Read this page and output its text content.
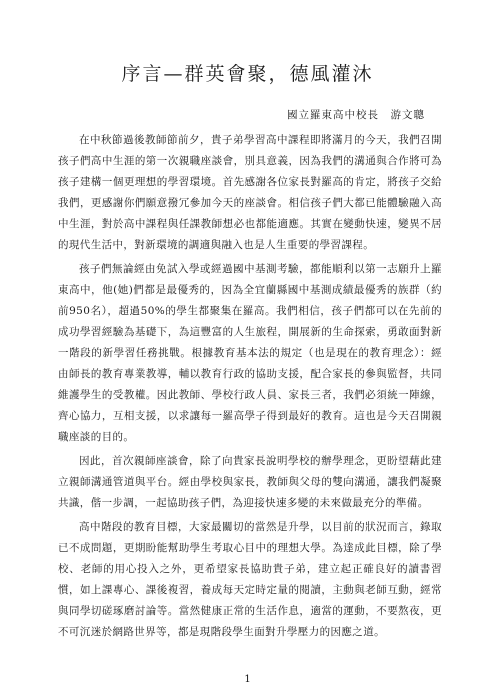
序言—群英會聚，德風灌沐
國立羅東高中校長　游文聰

在中秋節過後教師節前夕，貴子弟學習高中課程即將滿月的今天，我們召開孩子們高中生涯的第一次親職座談會，別具意義，因為我們的溝通與合作將可為孩子建構一個更理想的學習環境。首先感謝各位家長對羅高的肯定，將孩子交給我們，更感謝你們願意撥冗參加今天的座談會。相信孩子們大都已能體驗融入高中生涯，對於高中課程與任課教師想必也都能適應。其實在變動快速，變異不居的現代生活中，對新環境的調適與融入也是人生重要的學習課程。

孩子們無論經由免試入學或經過國中基測考驗，都能順利以第一志願升上羅東高中，他(她)們都是最優秀的，因為全宜蘭縣國中基測成績最優秀的族群（約前950名），超過50%的學生都聚集在羅高。我們相信，孩子們都可以在先前的成功學習經驗為基礎下，為這豐富的人生旅程，開展新的生命探索，勇敢面對新一階段的新學習任務挑戰。根據教育基本法的規定（也是現在的教育理念）：經由師長的教育專業教導，輔以教育行政的協助支援，配合家長的參與監督，共同維護學生的受教權。因此教師、學校行政人員、家長三者，我們必須統一陣線，齊心協力，互相支援，以求讓每一羅高學子得到最好的教育。這也是今天召開親職座談的目的。

因此，首次親師座談會，除了向貴家長說明學校的辦學理念，更盼望藉此建立親師溝通管道與平台。經由學校與家長，教師與父母的雙向溝通，讓我們凝聚共識，偕一步調，一起協助孩子們，為迎接快速多變的未來做最充分的準備。

高中階段的教育目標，大家最關切的當然是升學，以目前的狀況而言，錄取已不成問題，更期盼能幫助學生考取心目中的理想大學。為達成此目標，除了學校、老師的用心投入之外，更希望家長協助貴子弟，建立起正確良好的讀書習慣，如上課專心、課後複習，養成每天定時定量的閱讀，主動與老師互動，經常與同學切磋琢磨討論等。當然健康正常的生活作息，適當的運動，不要熬夜，更不可沉迷於網路世界等，都是現階段學生面對升學壓力的因應之道。

1
